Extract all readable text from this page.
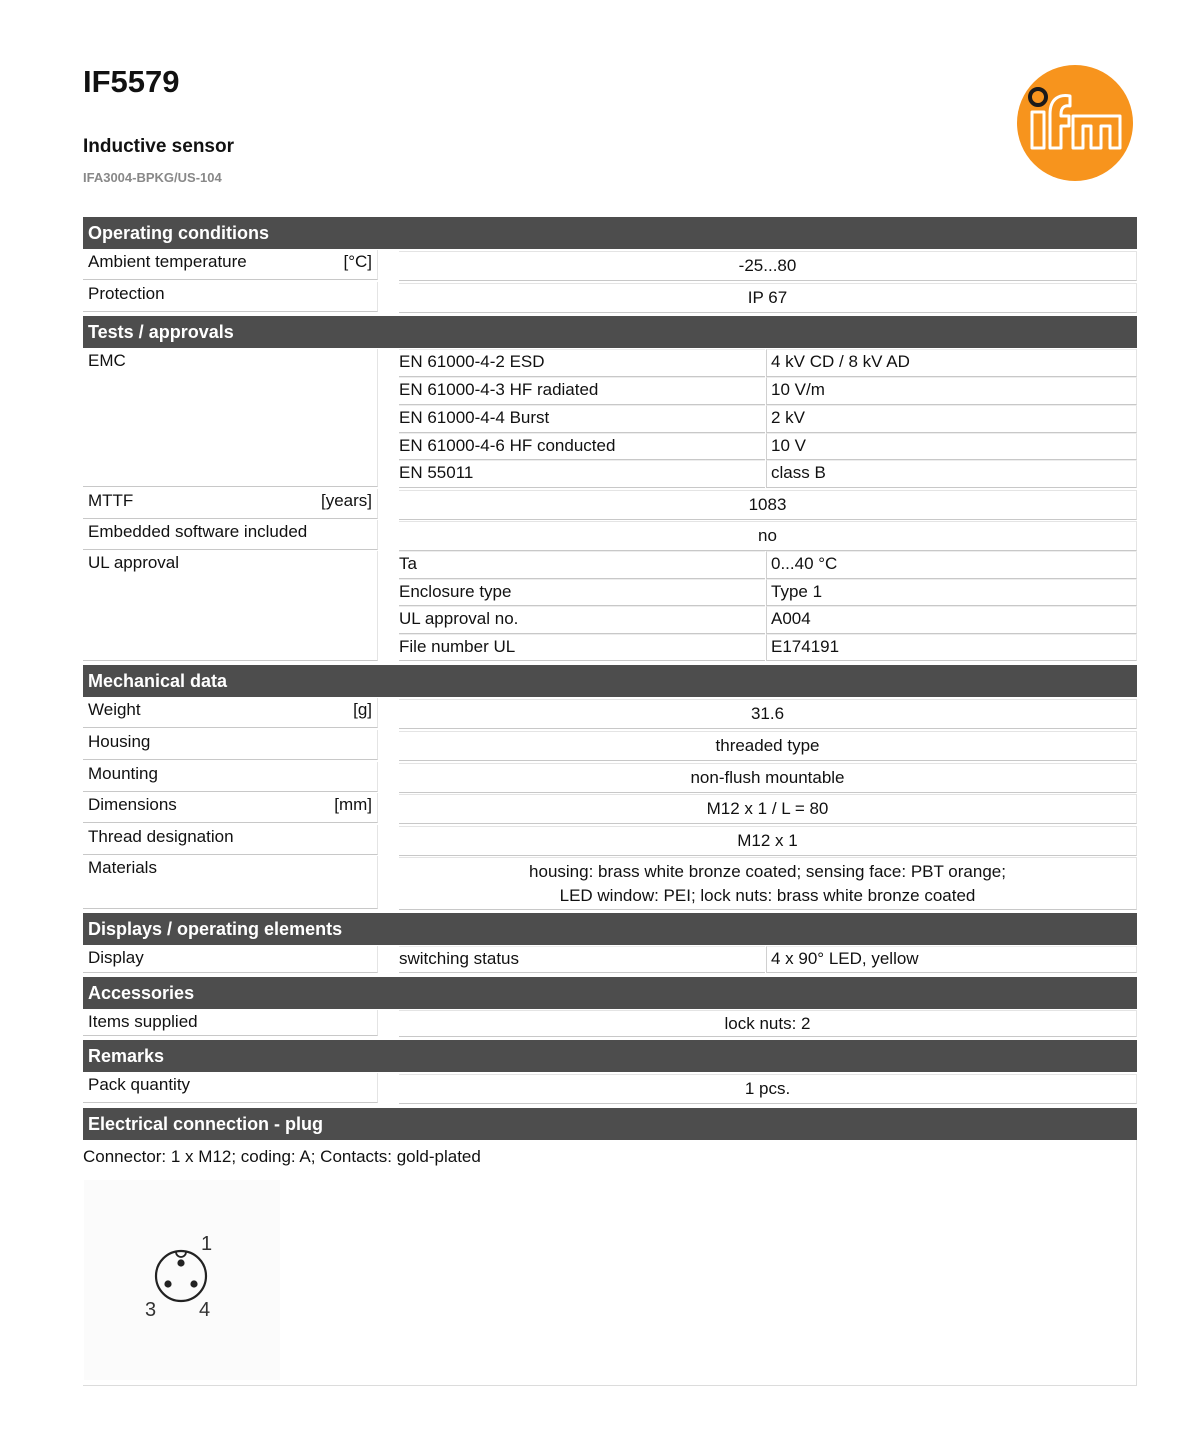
IF5579
Inductive sensor
IFA3004-BPKG/US-104
Operating conditions
Ambient temperature	[°C]	-25...80
Protection	IP 67
Tests / approvals
EMC	EN 61000-4-2 ESD	4 kV CD / 8 kV AD
EN 61000-4-3 HF radiated	10 V/m
EN 61000-4-4 Burst	2 kV
EN 61000-4-6 HF conducted	10 V
EN 55011	class B
MTTF	[years]	1083
Embedded software included	no
UL approval	Ta	0...40 °C
Enclosure type	Type 1
UL approval no.	A004
File number UL	E174191
Mechanical data
Weight	[g]	31.6
Housing	threaded type
Mounting	non-flush mountable
Dimensions	[mm]	M12 x 1 / L = 80
Thread designation	M12 x 1
Materials	housing: brass white bronze coated; sensing face: PBT orange;
LED window: PEI; lock nuts: brass white bronze coated
Displays / operating elements
Display	switching status	4 x 90° LED, yellow
Accessories
Items supplied	lock nuts: 2
Remarks
Pack quantity	1 pcs.
Electrical connection - plug
Connector: 1 x M12; coding: A; Contacts: gold-plated
1
3 4
